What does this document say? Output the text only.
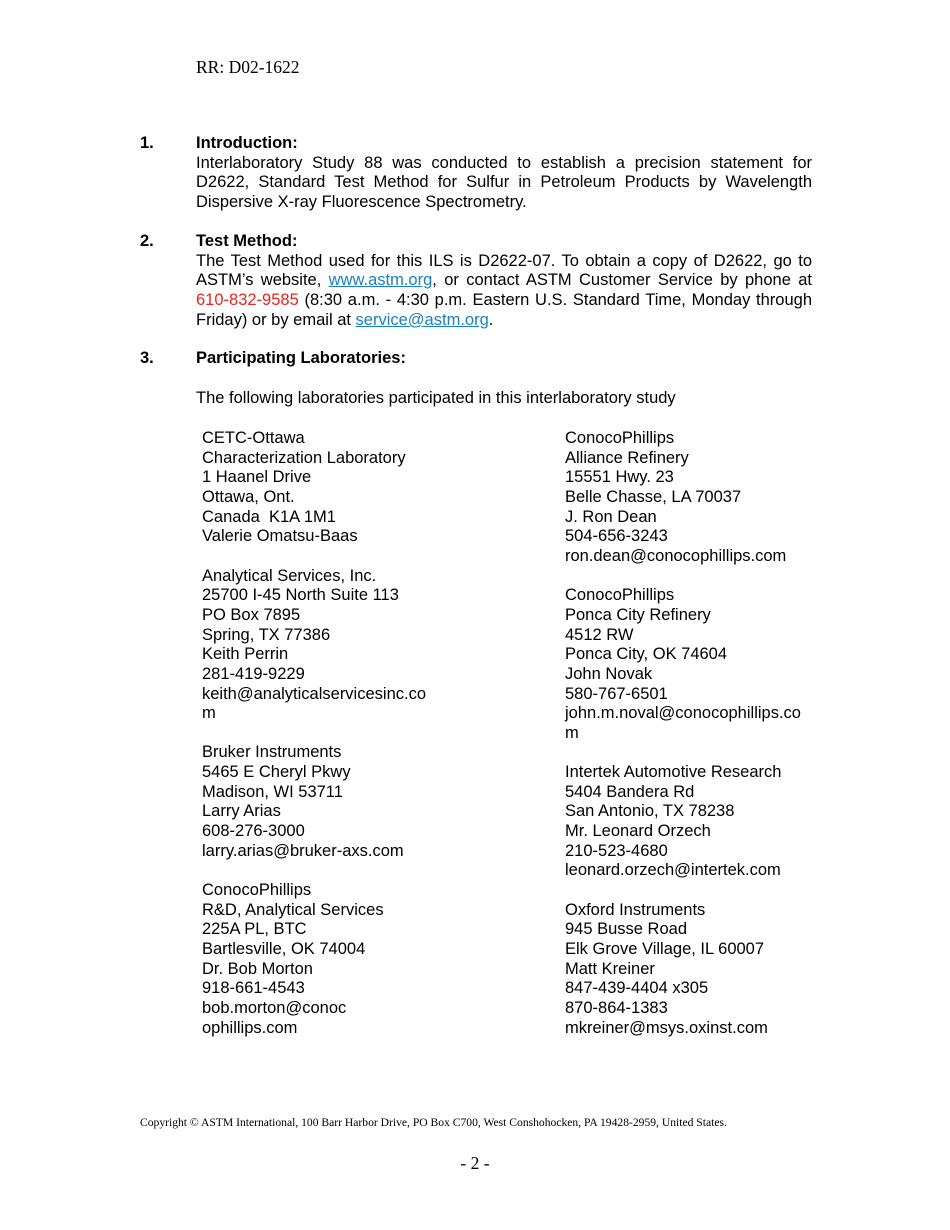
RR: D02-1622
1.	Introduction:
Interlaboratory Study 88 was conducted to establish a precision statement for D2622, Standard Test Method for Sulfur in Petroleum Products by Wavelength Dispersive X-ray Fluorescence Spectrometry.
2.	Test Method:
The Test Method used for this ILS is D2622-07. To obtain a copy of D2622, go to ASTM’s website, www.astm.org, or contact ASTM Customer Service by phone at 610-832-9585 (8:30 a.m. - 4:30 p.m. Eastern U.S. Standard Time, Monday through Friday) or by email at service@astm.org.
3.	Participating Laboratories:
The following laboratories participated in this interlaboratory study
CETC-Ottawa
Characterization Laboratory
1 Haanel Drive
Ottawa, Ont.
Canada  K1A 1M1
Valerie Omatsu-Baas
Analytical Services, Inc.
25700 I-45 North Suite 113
PO Box 7895
Spring, TX 77386
Keith Perrin
281-419-9229
keith@analyticalservicesinc.co
m
Bruker Instruments
5465 E Cheryl Pkwy
Madison, WI 53711
Larry Arias
608-276-3000
larry.arias@bruker-axs.com
ConocoPhillips
R&D, Analytical Services
225A PL, BTC
Bartlesville, OK 74004
Dr. Bob Morton
918-661-4543
bob.morton@conoc
ophillips.com
ConocoPhillips
Alliance Refinery
15551 Hwy. 23
Belle Chasse, LA 70037
J. Ron Dean
504-656-3243
ron.dean@conocophillips.com
ConocoPhillips
Ponca City Refinery
4512 RW
Ponca City, OK 74604
John Novak
580-767-6501
john.m.noval@conocophillips.co
m
Intertek Automotive Research
5404 Bandera Rd
San Antonio, TX 78238
Mr. Leonard Orzech
210-523-4680
leonard.orzech@intertek.com
Oxford Instruments
945 Busse Road
Elk Grove Village, IL 60007
Matt Kreiner
847-439-4404 x305
870-864-1383
mkreiner@msys.oxinst.com
Copyright © ASTM International, 100 Barr Harbor Drive, PO Box C700, West Conshohocken, PA 19428-2959, United States.
- 2 -
